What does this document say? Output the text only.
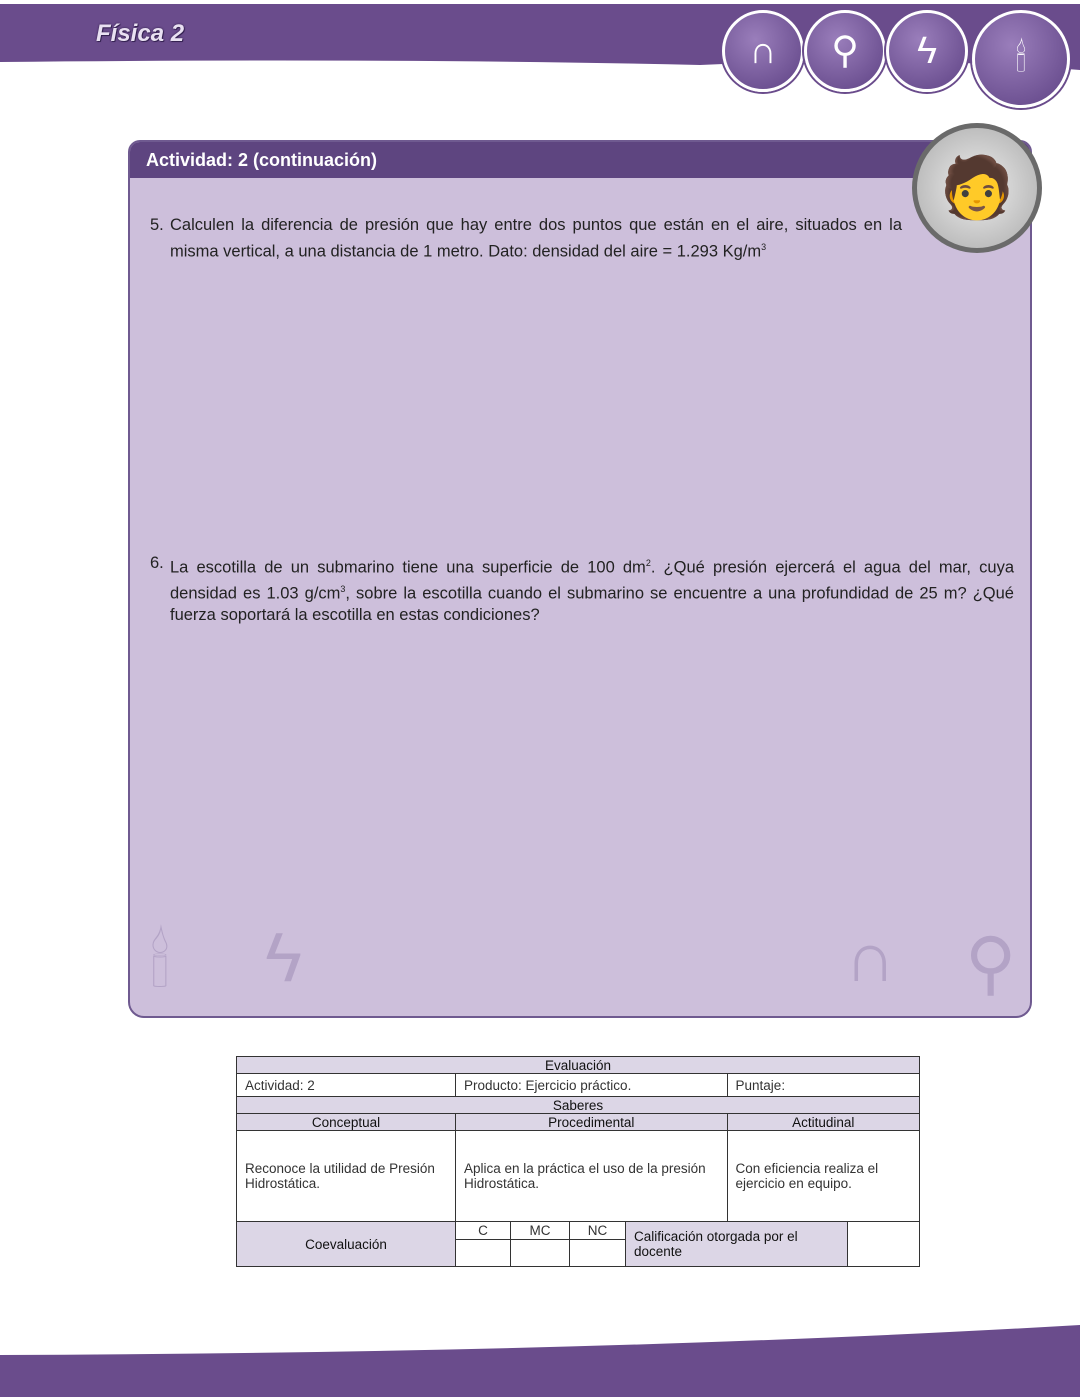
Física 2	∩	⚲	ϟ	🕯
Actividad: 2 (continuación)
5. Calculen la diferencia de presión que hay entre dos puntos que están en el aire, situados en la misma vertical, a una distancia de 1 metro. Dato: densidad del aire = 1.293 $Kg/m^3$
6. La escotilla de un submarino tiene una superficie de 100 $dm^2$. ¿Qué presión ejercerá el agua del mar, cuya densidad es 1.03 $g/cm^3$, sobre la escotilla cuando el submarino se encuentre a una profundidad de 25 m? ¿Qué fuerza soportará la escotilla en estas condiciones?
🕯 ϟ	∩ ⚲
🧑
Evaluación						
Actividad: 2	Producto: Ejercicio práctico.				Puntaje:	
Saberes						
Conceptual	Procedimental				Actitudinal	
Reconoce la utilidad de Presión Hidrostática.	Aplica en la práctica el uso de la presión Hidrostática.				Con eficiencia realiza el ejercicio en equipo.	
Coevaluación	C	MC	NC	Calificación otorgada por el docente		
